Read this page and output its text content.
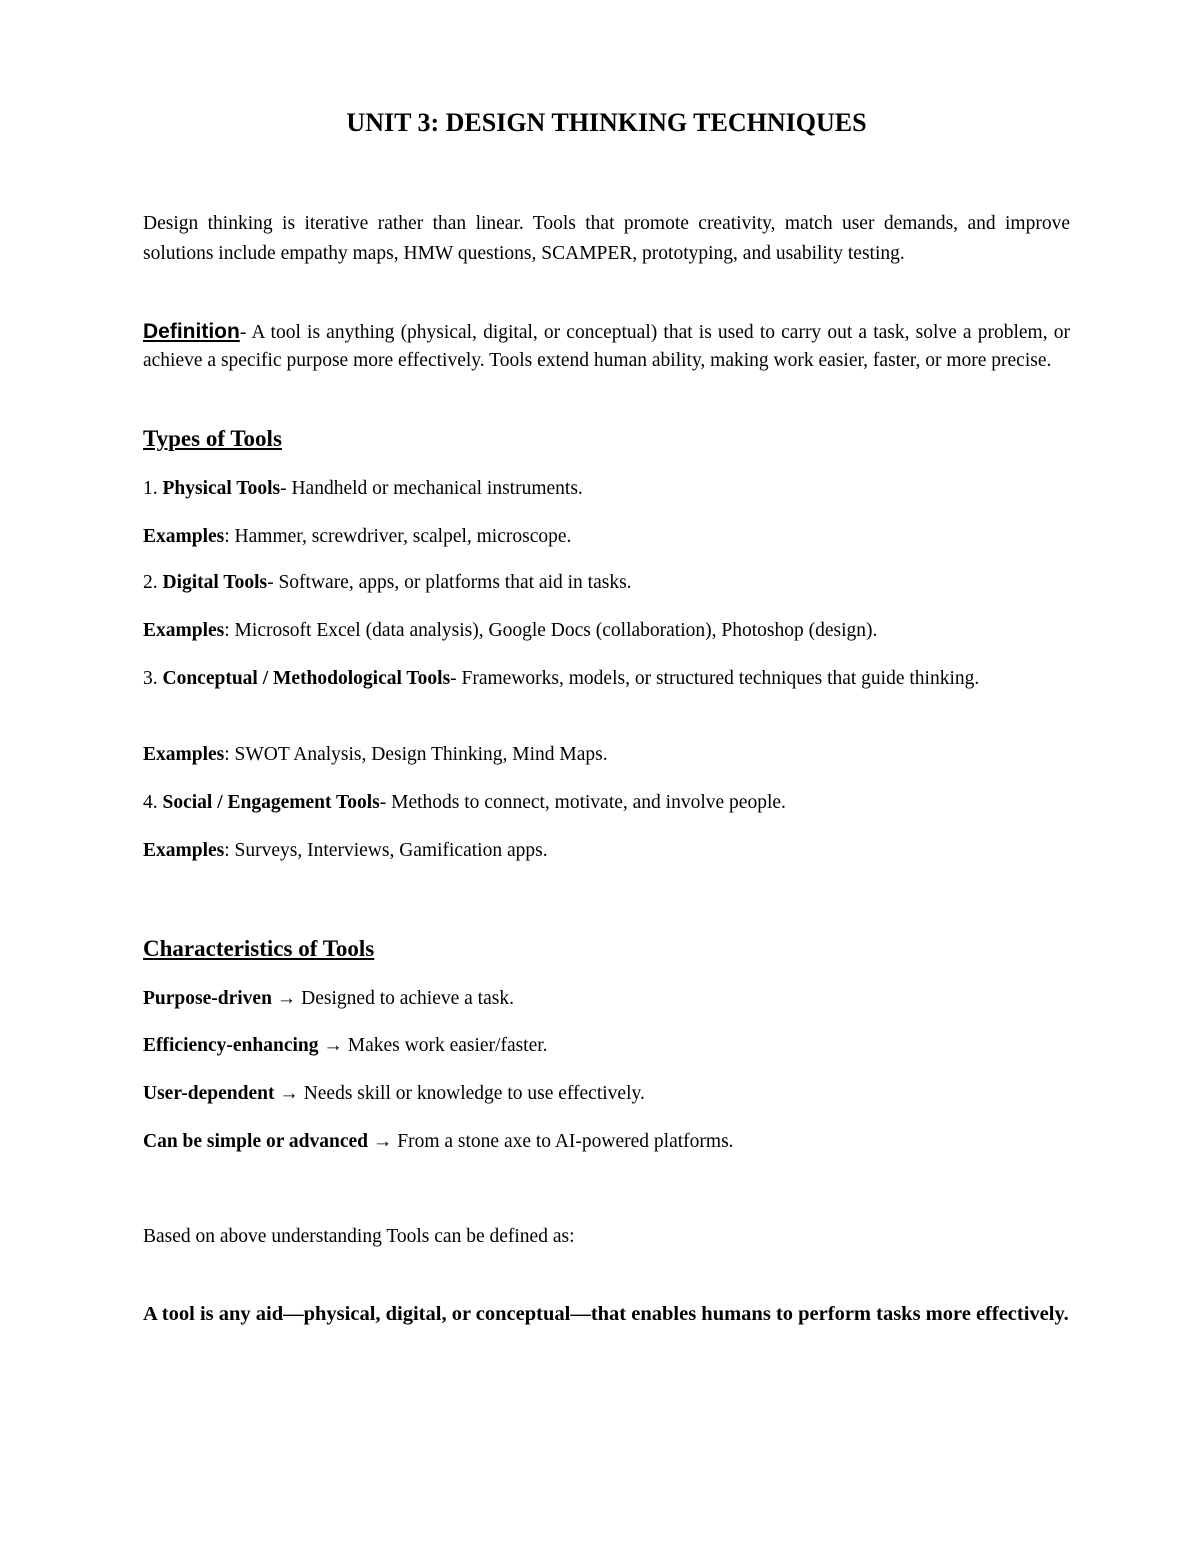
UNIT 3: DESIGN THINKING TECHNIQUES

Design thinking is iterative rather than linear. Tools that promote creativity, match user demands, and improve solutions include empathy maps, HMW questions, SCAMPER, prototyping, and usability testing.

Definition- A tool is anything (physical, digital, or conceptual) that is used to carry out a task, solve a problem, or achieve a specific purpose more effectively. Tools extend human ability, making work easier, faster, or more precise.

Types of Tools

1. Physical Tools- Handheld or mechanical instruments.

Examples: Hammer, screwdriver, scalpel, microscope.

2. Digital Tools- Software, apps, or platforms that aid in tasks.

Examples: Microsoft Excel (data analysis), Google Docs (collaboration), Photoshop (design).

3. Conceptual / Methodological Tools- Frameworks, models, or structured techniques that guide thinking.

Examples: SWOT Analysis, Design Thinking, Mind Maps.

4. Social / Engagement Tools- Methods to connect, motivate, and involve people.

Examples: Surveys, Interviews, Gamification apps.

Characteristics of Tools

Purpose-driven → Designed to achieve a task.

Efficiency-enhancing → Makes work easier/faster.

User-dependent → Needs skill or knowledge to use effectively.

Can be simple or advanced → From a stone axe to AI-powered platforms.

Based on above understanding Tools can be defined as:

A tool is any aid—physical, digital, or conceptual—that enables humans to perform tasks more effectively.
